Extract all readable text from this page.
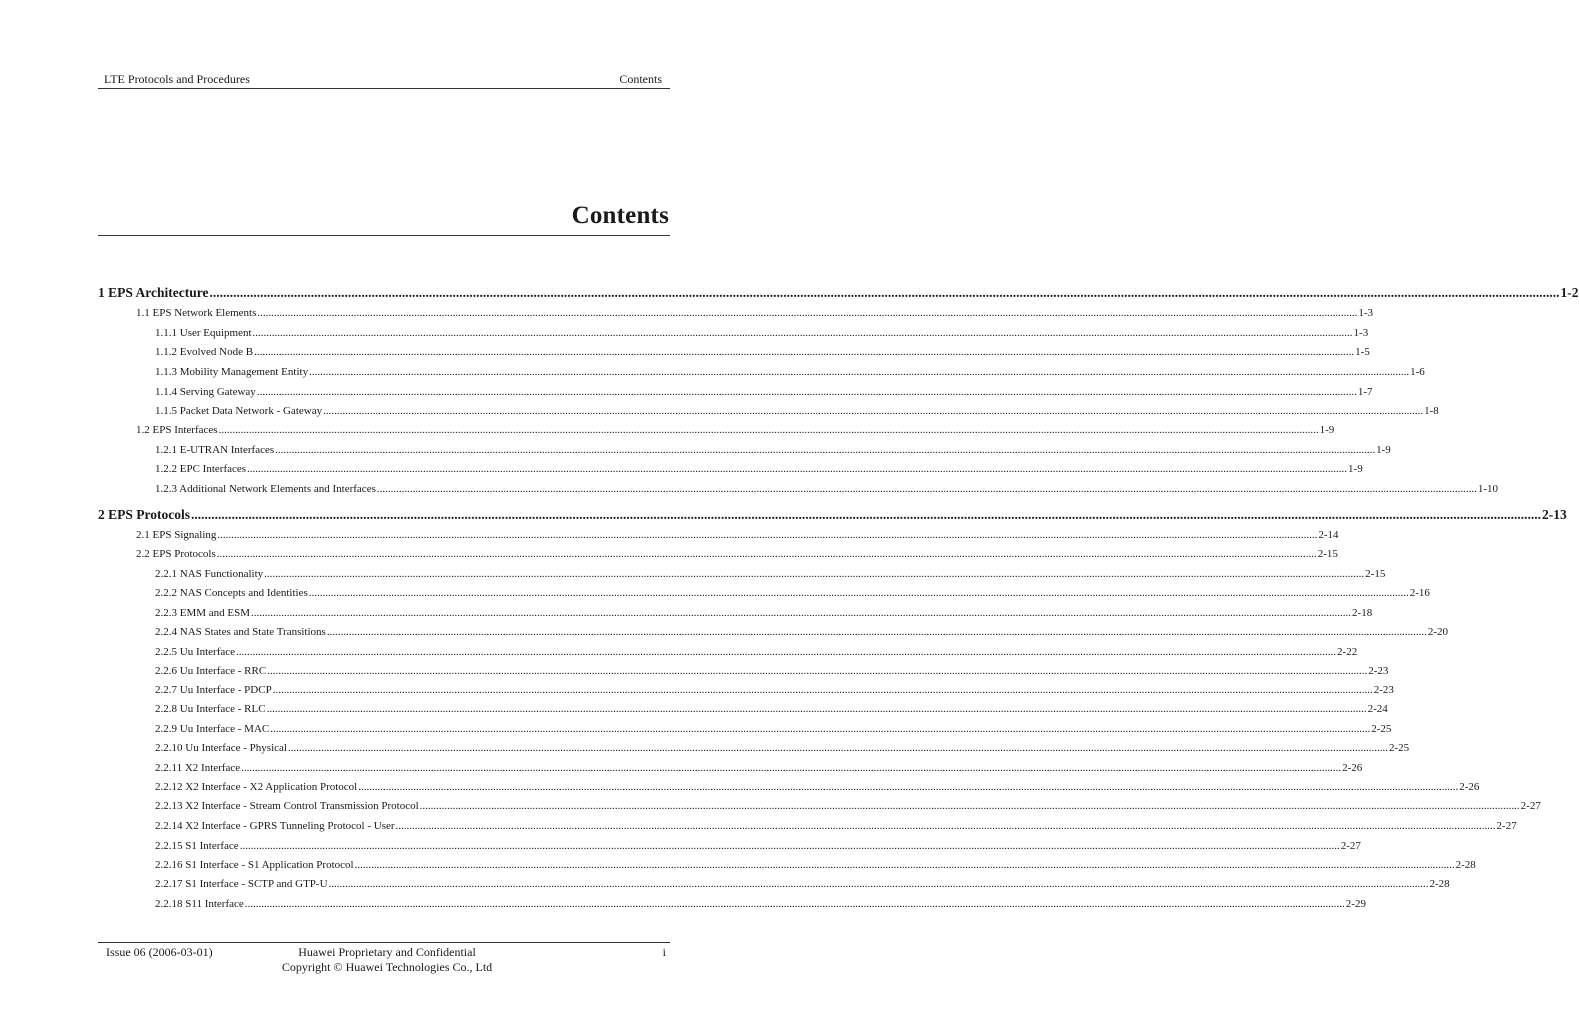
LTE Protocols and Procedures	Contents
Contents
1 EPS Architecture ................................................................................................................................................................................................................................................................................................................................................................................................................ 1-2
1.1 EPS Network Elements ................................................................................................................................................................................................................................................................................................................................................................................................................ 1-3
1.1.1 User Equipment ................................................................................................................................................................................................................................................................................................................................................................................................................ 1-3
1.1.2 Evolved Node B ................................................................................................................................................................................................................................................................................................................................................................................................................ 1-5
1.1.3 Mobility Management Entity ................................................................................................................................................................................................................................................................................................................................................................................................................ 1-6
1.1.4 Serving Gateway ................................................................................................................................................................................................................................................................................................................................................................................................................ 1-7
1.1.5 Packet Data Network - Gateway ................................................................................................................................................................................................................................................................................................................................................................................................................ 1-8
1.2 EPS Interfaces ................................................................................................................................................................................................................................................................................................................................................................................................................ 1-9
1.2.1 E-UTRAN Interfaces ................................................................................................................................................................................................................................................................................................................................................................................................................ 1-9
1.2.2 EPC Interfaces ................................................................................................................................................................................................................................................................................................................................................................................................................ 1-9
1.2.3 Additional Network Elements and Interfaces ................................................................................................................................................................................................................................................................................................................................................................................................................ 1-10
2 EPS Protocols ................................................................................................................................................................................................................................................................................................................................................................................................................ 2-13
2.1 EPS Signaling ................................................................................................................................................................................................................................................................................................................................................................................................................ 2-14
2.2 EPS Protocols ................................................................................................................................................................................................................................................................................................................................................................................................................ 2-15
2.2.1 NAS Functionality ................................................................................................................................................................................................................................................................................................................................................................................................................ 2-15
2.2.2 NAS Concepts and Identities ................................................................................................................................................................................................................................................................................................................................................................................................................ 2-16
2.2.3 EMM and ESM ................................................................................................................................................................................................................................................................................................................................................................................................................ 2-18
2.2.4 NAS States and State Transitions ................................................................................................................................................................................................................................................................................................................................................................................................................ 2-20
2.2.5 Uu Interface ................................................................................................................................................................................................................................................................................................................................................................................................................ 2-22
2.2.6 Uu Interface - RRC ................................................................................................................................................................................................................................................................................................................................................................................................................ 2-23
2.2.7 Uu Interface - PDCP ................................................................................................................................................................................................................................................................................................................................................................................................................ 2-23
2.2.8 Uu Interface - RLC ................................................................................................................................................................................................................................................................................................................................................................................................................ 2-24
2.2.9 Uu Interface - MAC ................................................................................................................................................................................................................................................................................................................................................................................................................ 2-25
2.2.10 Uu Interface - Physical ................................................................................................................................................................................................................................................................................................................................................................................................................ 2-25
2.2.11 X2 Interface ................................................................................................................................................................................................................................................................................................................................................................................................................ 2-26
2.2.12 X2 Interface - X2 Application Protocol ................................................................................................................................................................................................................................................................................................................................................................................................................ 2-26
2.2.13 X2 Interface - Stream Control Transmission Protocol ................................................................................................................................................................................................................................................................................................................................................................................................................ 2-27
2.2.14 X2 Interface - GPRS Tunneling Protocol - User ................................................................................................................................................................................................................................................................................................................................................................................................................ 2-27
2.2.15 S1 Interface ................................................................................................................................................................................................................................................................................................................................................................................................................ 2-27
2.2.16 S1 Interface - S1 Application Protocol ................................................................................................................................................................................................................................................................................................................................................................................................................ 2-28
2.2.17 S1 Interface - SCTP and GTP-U ................................................................................................................................................................................................................................................................................................................................................................................................................ 2-28
2.2.18 S11 Interface ................................................................................................................................................................................................................................................................................................................................................................................................................ 2-29
Issue 06 (2006-03-01)	Huawei Proprietary and Confidential
Copyright © Huawei Technologies Co., Ltd
i
